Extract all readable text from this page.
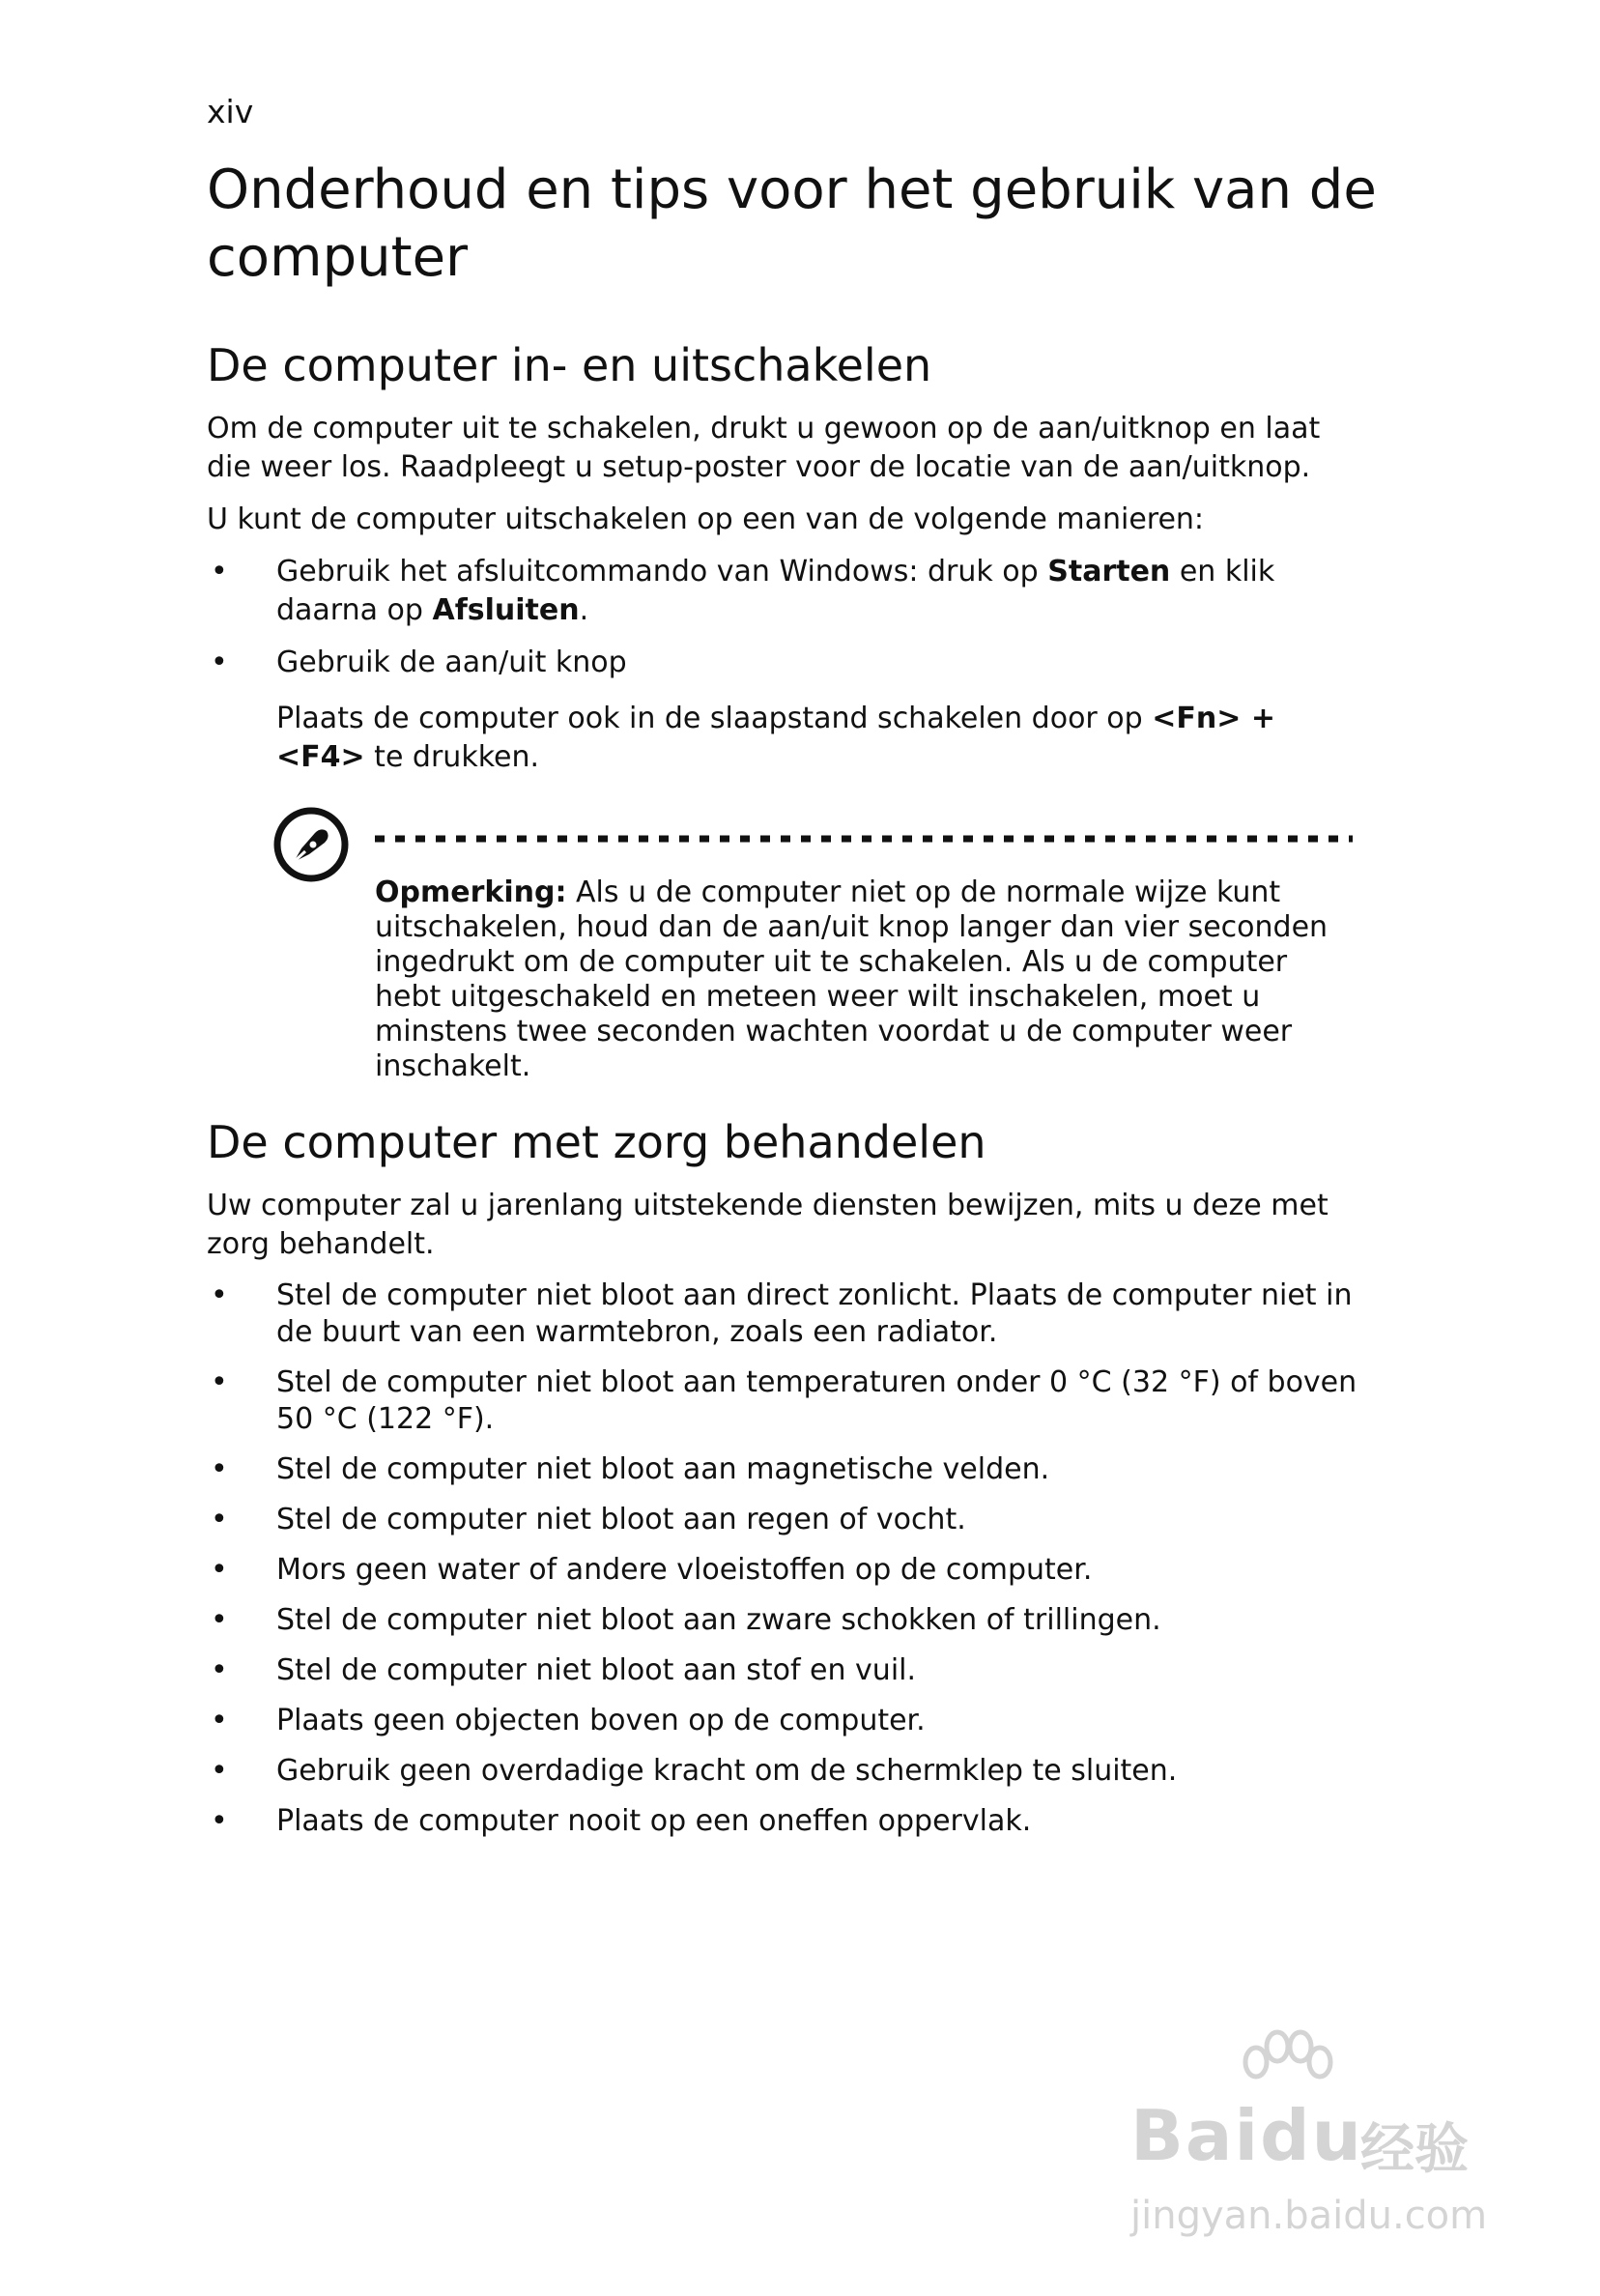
xiv
Onderhoud en tips voor het gebruik van de computer
De computer in- en uitschakelen

Om de computer uit te schakelen, drukt u gewoon op de aan/uitknop en laat die weer los. Raadpleegt u setup-poster voor de locatie van de aan/uitknop.

U kunt de computer uitschakelen op een van de volgende manieren:

• Gebruik het afsluitcommando van Windows: druk op Starten en klik daarna op Afsluiten.
• Gebruik de aan/uit knop

Plaats de computer ook in de slaapstand schakelen door op <Fn> + <F4> te drukken.

Opmerking: Als u de computer niet op de normale wijze kunt uitschakelen, houd dan de aan/uit knop langer dan vier seconden ingedrukt om de computer uit te schakelen. Als u de computer hebt uitgeschakeld en meteen weer wilt inschakelen, moet u minstens twee seconden wachten voordat u de computer weer inschakelt.

De computer met zorg behandelen

Uw computer zal u jarenlang uitstekende diensten bewijzen, mits u deze met zorg behandelt.

• Stel de computer niet bloot aan direct zonlicht. Plaats de computer niet in de buurt van een warmtebron, zoals een radiator.
• Stel de computer niet bloot aan temperaturen onder 0 °C (32 °F) of boven 50 °C (122 °F).
• Stel de computer niet bloot aan magnetische velden.
• Stel de computer niet bloot aan regen of vocht.
• Mors geen water of andere vloeistoffen op de computer.
• Stel de computer niet bloot aan zware schokken of trillingen.
• Stel de computer niet bloot aan stof en vuil.
• Plaats geen objecten boven op de computer.
• Gebruik geen overdadige kracht om de schermklep te sluiten.
• Plaats de computer nooit op een oneffen oppervlak.
Baidu
经验
jingyan.baidu.com
